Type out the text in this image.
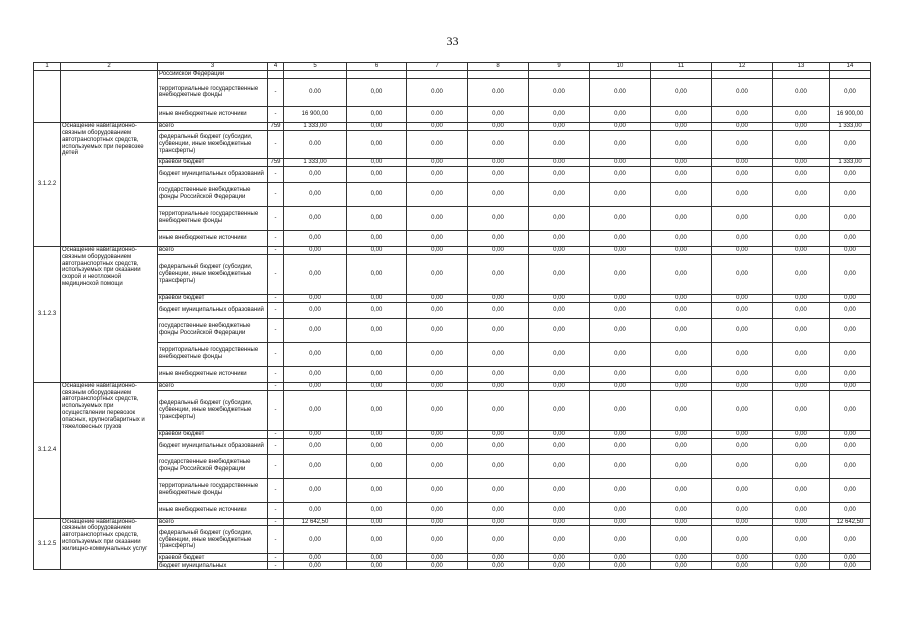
33
1	2	3	4	5	6	7	8	9	10	11	12	13	14
		Российской Федерации											
		территориальные государственные внебюджетные фонды	-	0.00	0,00	0.00	0.00	0.00	0.00	0,00	0.00	0.00	0,00
		иные внебюджетные источники	-	16 900,00	0,00	0.00	0,00	0,00	0,00	0,00	0,00	0,00	16 900,00
3.1.2.2	Оснащение навигационно-связным оборудованием автотранспортных средств, используемых при перевозке детей	всего	759	1 333,00	0,00	0,00	0,00	0,00	0,00	0,00	0,00	0,00	1 333,00
		федеральный бюджет (субсидии, субвенции, иные межбюджетные трансферты)	-	0.00	0,00	0.00	0.00	0.00	0,00	0,00	0,00	0,00	0,00
		краевой бюджет	759	1 333,00	0,00	0,00	0.00	0.00	0.00	0,00	0.00	0,00	1 333,00
		бюджет муниципальных образований	-	0,00	0,00	0,00	0,00	0,00	0,00	0,00	0,00	0,00	0,00
		государственные внебюджетные фонды Российской Федерации	-	0,00	0,00	0,00	0,00	0,00	0,00	0,00	0,00	0,00	0,00
		территориальные государственные внебюджетные фонды	-	0,00	0,00	0.00	0,00	0,00	0,00	0,00	0,00	0,00	0,00
		иные внебюджетные источники	-	0,00	0,00	0,00	0,00	0,00	0,00	0,00	0,00	0,00	0,00
3.1.2.3	Оснащение навигационно-связным оборудованием автотранспортных средств, используемых при оказании скорой и неотложной медицинской помощи	всего	-	0,00	0,00	0,00	0,00	0,00	0,00	0,00	0,00	0,00	0,00
		федеральный бюджет (субсидии, субвенции, иные межбюджетные трансферты)	-	0,00	0,00	0,00	0,00	0,00	0,00	0,00	0,00	0,00	0,00
		краевой бюджет	-	0,00	0,00	0,00	0,00	0,00	0,00	0,00	0,00	0,00	0,00
		бюджет муниципальных образований	-	0,00	0,00	0,00	0,00	0,00	0,00	0,00	0,00	0,00	0,00
		государственные внебюджетные фонды Российской Федерации	-	0,00	0,00	0,00	0,00	0,00	0,00	0,00	0,00	0,00	0,00
		территориальные государственные внебюджетные фонды	-	0,00	0,00	0,00	0,00	0,00	0,00	0,00	0,00	0,00	0,00
		иные внебюджетные источники	-	0,00	0,00	0,00	0,00	0,00	0,00	0,00	0,00	0,00	0,00
3.1.2.4	Оснащение навигационно-связным оборудованием автотранспортных средств, используемых при осуществлении перевозок опасных, крупногабаритных и тяжеловесных грузов	всего	-	0,00	0,00	0,00	0,00	0,00	0,00	0,00	0,00	0,00	0,00
		федеральный бюджет (субсидии, субвенции, иные межбюджетные трансферты)	-	0,00	0,00	0,00	0,00	0,00	0,00	0,00	0,00	0,00	0,00
		краевой бюджет	-	0,00	0,00	0,00	0,00	0,00	0,00	0,00	0,00	0,00	0,00
		бюджет муниципальных образований	-	0,00	0,00	0,00	0,00	0,00	0,00	0,00	0,00	0,00	0,00
		государственные внебюджетные фонды Российской Федерации	-	0,00	0,00	0,00	0,00	0,00	0,00	0,00	0,00	0,00	0,00
		территориальные государственные внебюджетные фонды	-	0,00	0,00	0,00	0,00	0,00	0,00	0,00	0,00	0,00	0,00
		иные внебюджетные источники	-	0,00	0,00	0,00	0,00	0,00	0,00	0,00	0,00	0,00	0,00
3.1.2.5	Оснащение навигационно-связным оборудованием автотранспортных средств, используемых при оказании жилищно-коммунальных услуг	всего	-	12 642,50	0,00	0,00	0,00	0,00	0,00	0,00	0,00	0,00	12 642,50
		федеральный бюджет (субсидии, субвенции, иные межбюджетные трансферты)	-	0,00	0,00	0,00	0,00	0,00	0,00	0,00	0,00	0,00	0,00
		краевой бюджет	-	0,00	0,00	0,00	0,00	0,00	0,00	0,00	0,00	0,00	0,00
		бюджет муниципальных	-	0,00	0,00	0,00	0,00	0,00	0,00	0,00	0,00	0,00	0,00
